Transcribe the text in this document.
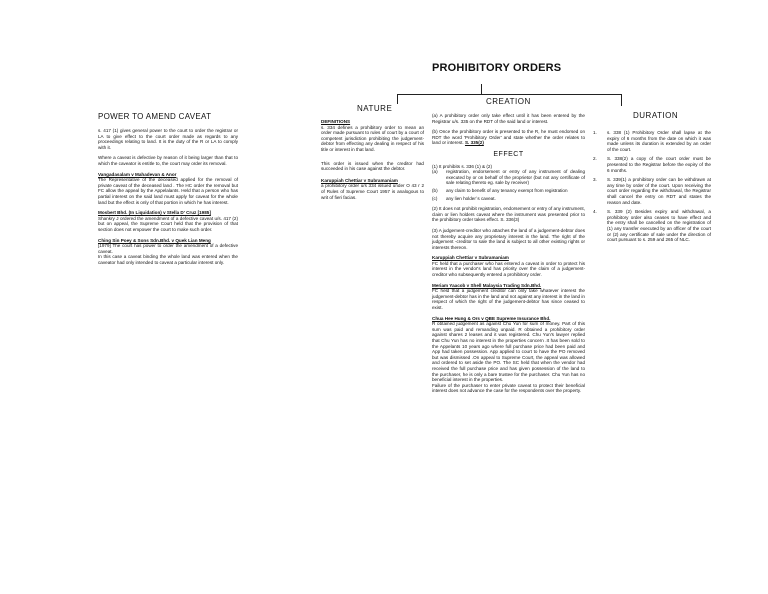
PROHIBITORY ORDERS
CREATION
NATURE
DURATION
POWER TO AMEND CAVEAT

s. 417 (1) gives general power to the court to order the registrar or LA to give effect to the court order made as regards to any proceedings relating to land. It is the duty of the R or LA to comply with it.

Where a caveat is defective by reason of it being larger than that to which the caveator is entitle to, the court may order its removal.

Vangadasalam v Mahadevan & Anor

The Representative of the deceased applied for the removal of private caveat of the deceased land . The HC order the removal but FC allow the appeal by the Appelalants. Held that a person who has partial interest on the said land must apply for caveat for the whole land but the effect is only of that portion in which he has interest.

Mosbert Bhd. (In Liquidation) v Stella D' Cruz [1985]

Shankry J ordered the amendment of a defective caveat u/s. 417 (2) but on appeal, the Supreme Court held that the provision of that section does not empower the court to make such order.

Ching Sin Poey & Sons Sdn.Bhd. v Quek Lian Meng
[1979] The court has power to order the amendment of a defective caveat.
In this case a caveat binding the whole land was entered when the caveator had only intended to caveat a particular interest only.
DEFINITIONS

s. 334 defines a prohibitory order to mean an order made pursuant to rules of court by a court of competent jurisdiction prohibiting the judgement-debtor from effecting any dealing in respect of his title or interest in that land.

This order is issued when the creditor had succeeded in his case against the debtor.

Karuppiah Chettiar v Subramaniam

a prohibitory order u/s 334 issued under O 43 r 2 of Rules of Supreme Court 1957 is analogous to writ of fieri facias.

(a) A prohibitory order only take effect until it has been entered by the Registrar u/s. 335 on the RDT of the said land or interest.

(b) Once the prohibitory order is presented to the R, he must endorsed on RDT the word 'Prohibitory Order' and state whether the order relates to land or interest. S. 335(2)

EFFECT
(1) It prohibits s. 336 (1) & (2)
(a)	registration, endorsement or entry of any instrument of dealing executed by or on behalf of the proprietor (but not any certificate of sale relating thereto eg. sale by receiver)
(b)	any claim to benefit of any tenancy exempt from registration
(c)	any lien holder`s caveat.

(2) It does not prohibit registration, endorsement or entry of any instrument, claim or lien holders caveat where the instrument was presented prior to the prohibitory order takes effect. S. 336(3)

(3) A judgement-creditor who attaches the land of a judgement-debtor does not thereby acquire any proprietary interest in the land. The right of the judgement -creditor to sale the land is subject to all other existing rights or interests thereon.

Karuppiah Chettiar v Subramaniam

FC held that a purchaser who has entered a caveat in order to protect his interest in the vendor's land has priority over the claim of a judgement-creditor who subsequently entered a prohibitory order.

Meriam Yaacob v Shell Malaysia Trading Sdn.Bhd.

FC held that a judgement creditor can only take whatever interest the judgement-debtor has in the land and not against any interest in the land in respect of which the right of the judgement-debtor has since ceased to exist.

Chua Hee Hung & Ors v QBE Supreme Insurance Bhd.
R obtained judgement as against Chu Yun for sum of money. Part of this sum was paid and remanding unpaid. R obtained a prohibitory order against shares 2 leases and it was registered. Chu Yun's lawyer replied that Chu Yun has no interest in the properties concern .It has been sold to the Appelants 10 years ago where full purchase price had been paid and App had taken possession. App applied to court to have the PO removed but was dismissed .On appeal to Supreme Court, the appeal was allowed and ordered to set aside the PO. The SC held that when the vendor had received the full purchase price and has given possession of the land to the purchaser, he is only a bare trustee for the purchaser. Chu Yun has no beneficial interest in the properties.
Failure of the purchaser to enter private caveat to protect their beneficial interest does not advance the case for the respondents over the property.
1.	s. 338 (1) Prohibitory Order shall lapse at the expiry of 6 months from the date on which it was made unless its duration is extended by an order of the court.
2.	S. 338(2) a copy of the court order must be presented to the Registrar before the expiry of the 6 months.
3.	S. 339(1) a prohibitory order can be withdrawn at any time by order of the court. Upon receiving the court order regarding the withdrawal, the Registrar shall cancel the entry on RDT and states the reason and date.
4.	S. 339 (2) Besides expiry and withdrawal, a prohibitory order also ceases to have effect and the entry shall be cancelled on the registration of (1) any transfer executed by an officer of the court or (2) any certificate of sale under the direction of court pursuant to s. 259 and 265 of NLC.
